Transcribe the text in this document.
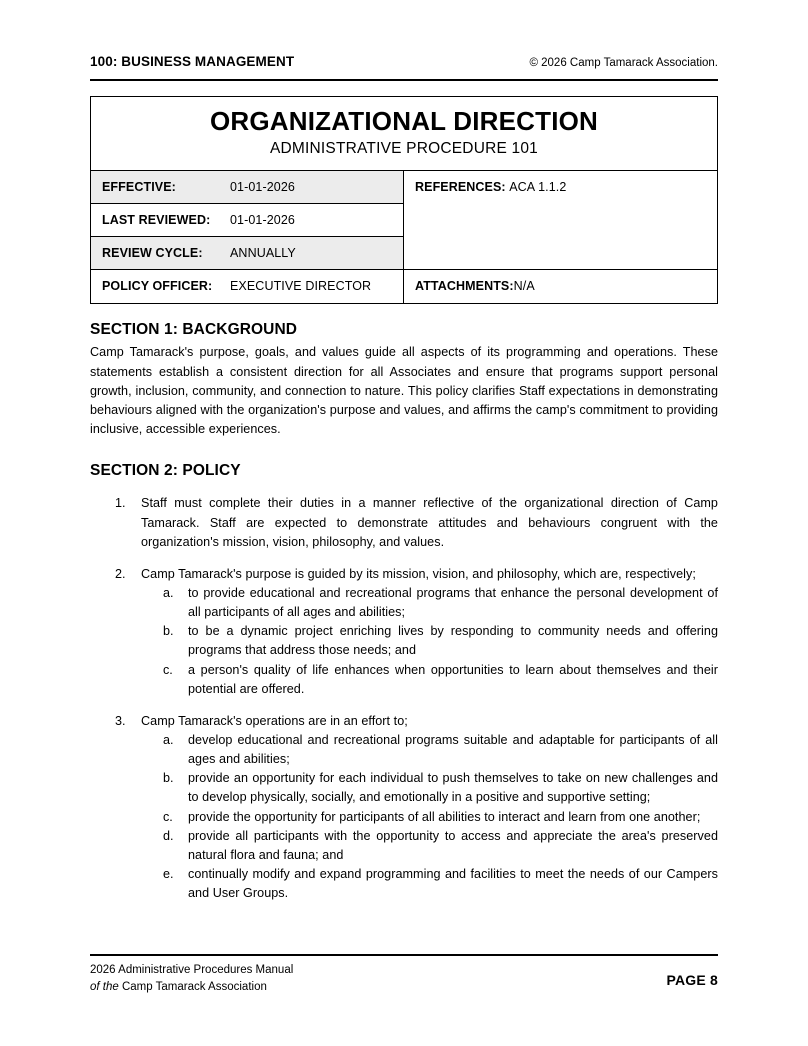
100: BUSINESS MANAGEMENT	© 2026 Camp Tamarack Association.
ORGANIZATIONAL DIRECTION
ADMINISTRATIVE PROCEDURE 101
EFFECTIVE:	01-01-2026
LAST REVIEWED:	01-01-2026
REVIEW CYCLE:	ANNUALLY
POLICY OFFICER:	EXECUTIVE DIRECTOR
REFERENCES: ACA 1.1.2
ATTACHMENTS: N/A
SECTION 1: BACKGROUND

Camp Tamarack's purpose, goals, and values guide all aspects of its programming and operations. These statements establish a consistent direction for all Associates and ensure that programs support personal growth, inclusion, community, and connection to nature. This policy clarifies Staff expectations in demonstrating behaviours aligned with the organization's purpose and values, and affirms the camp's commitment to providing inclusive, accessible experiences.

SECTION 2: POLICY
1.	Staff must complete their duties in a manner reflective of the organizational direction of Camp Tamarack. Staff are expected to demonstrate attitudes and behaviours congruent with the organization's mission, vision, philosophy, and values.

2.	Camp Tamarack's purpose is guided by its mission, vision, and philosophy, which are, respectively;

a.	to provide educational and recreational programs that enhance the personal development of all participants of all ages and abilities;

b.	to be a dynamic project enriching lives by responding to community needs and offering programs that address those needs; and

c.	a person's quality of life enhances when opportunities to learn about themselves and their potential are offered.

3.	Camp Tamarack's operations are in an effort to;

a.	develop educational and recreational programs suitable and adaptable for participants of all ages and abilities;

b.	provide an opportunity for each individual to push themselves to take on new challenges and to develop physically, socially, and emotionally in a positive and supportive setting;

c.	provide the opportunity for participants of all abilities to interact and learn from one another;

d.	provide all participants with the opportunity to access and appreciate the area's preserved natural flora and fauna; and

e.	continually modify and expand programming and facilities to meet the needs of our Campers and User Groups.

2026 Administrative Procedures Manual
of the Camp Tamarack Association	PAGE 8
